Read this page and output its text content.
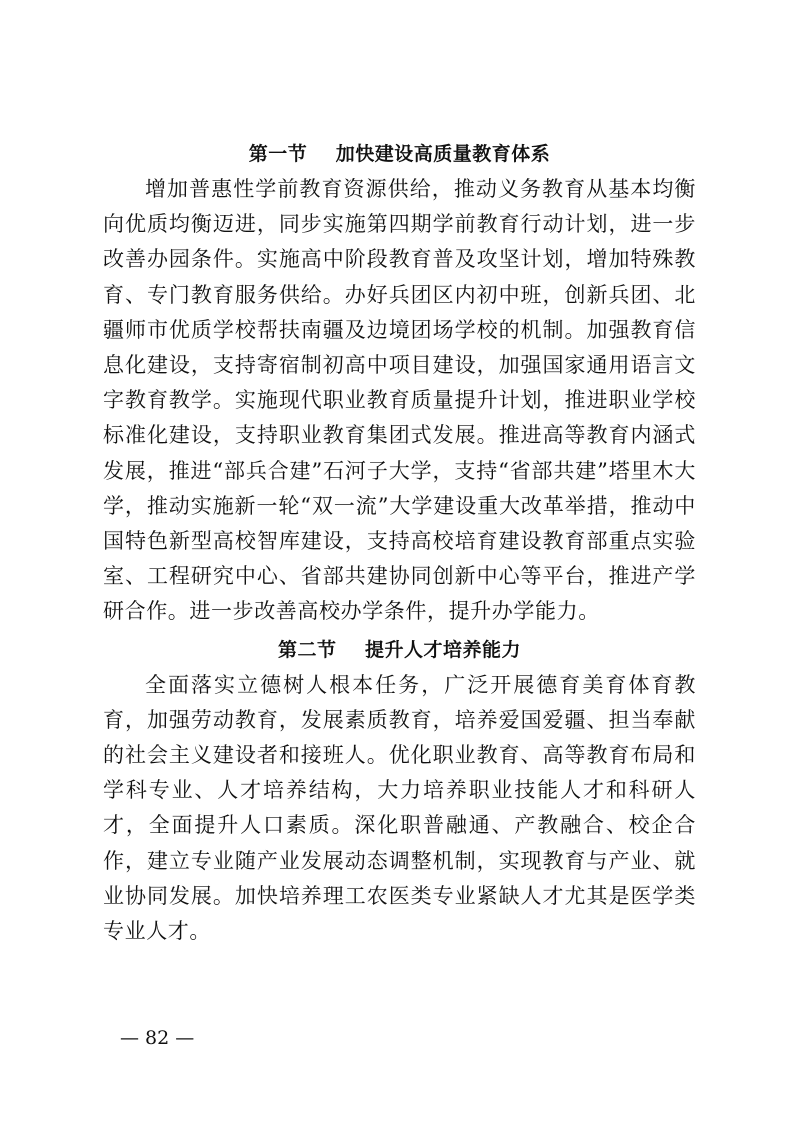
第一节    加快建设高质量教育体系

增加普惠性学前教育资源供给，推动义务教育从基本均衡向优质均衡迈进，同步实施第四期学前教育行动计划，进一步改善办园条件。实施高中阶段教育普及攻坚计划，增加特殊教育、专门教育服务供给。办好兵团区内初中班，创新兵团、北疆师市优质学校帮扶南疆及边境团场学校的机制。加强教育信息化建设，支持寄宿制初高中项目建设，加强国家通用语言文字教育教学。实施现代职业教育质量提升计划，推进职业学校标准化建设，支持职业教育集团式发展。推进高等教育内涵式发展，推进“部兵合建”石河子大学，支持“省部共建”塔里木大学，推动实施新一轮“双一流”大学建设重大改革举措，推动中国特色新型高校智库建设，支持高校培育建设教育部重点实验室、工程研究中心、省部共建协同创新中心等平台，推进产学研合作。进一步改善高校办学条件，提升办学能力。

第二节    提升人才培养能力

全面落实立德树人根本任务，广泛开展德育美育体育教育，加强劳动教育，发展素质教育，培养爱国爱疆、担当奉献的社会主义建设者和接班人。优化职业教育、高等教育布局和学科专业、人才培养结构，大力培养职业技能人才和科研人才，全面提升人口素质。深化职普融通、产教融合、校企合作，建立专业随产业发展动态调整机制，实现教育与产业、就业协同发展。加快培养理工农医类专业紧缺人才尤其是医学类专业人才。

— 82 —
